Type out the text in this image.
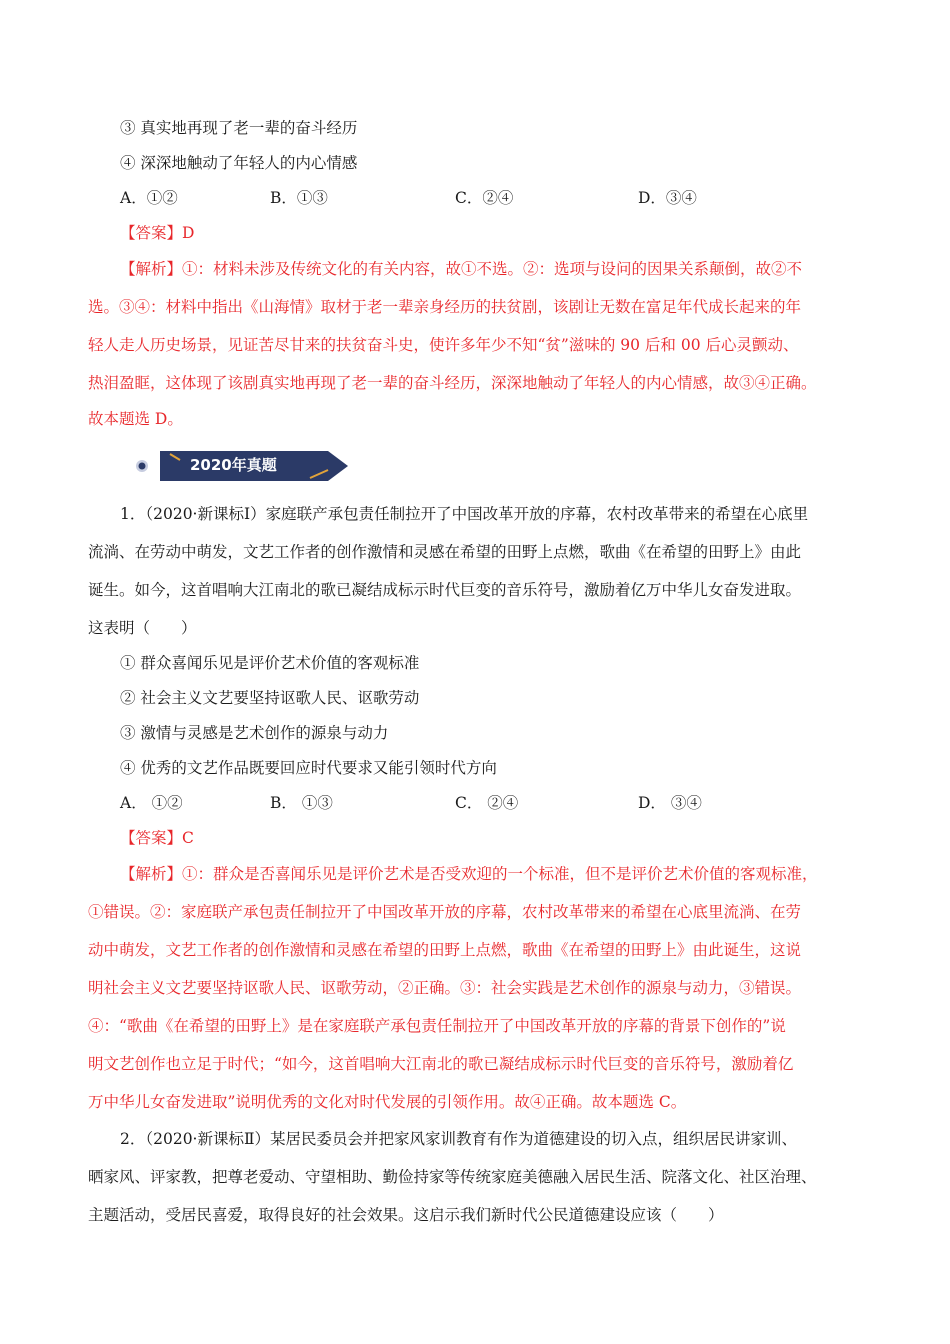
③ 真实地再现了老一辈的奋斗经历
④ 深深地触动了年轻人的内心情感
A．①②	B．①③	C．②④	D．③④
【答案】D
【解析】①：材料未涉及传统文化的有关内容，故①不选。②：选项与设问的因果关系颠倒，故②不
选。③④：材料中指出《山海情》取材于老一辈亲身经历的扶贫剧，该剧让无数在富足年代成长起来的年
轻人走人历史场景，见证苦尽甘来的扶贫奋斗史，使许多年少不知“贫”滋味的 90 后和 00 后心灵颤动、
热泪盈眶，这体现了该剧真实地再现了老一辈的奋斗经历，深深地触动了年轻人的内心情感，故③④正确。
故本题选 D。
2020年真题
1．（2020·新课标Ⅰ）家庭联产承包责任制拉开了中国改革开放的序幕，农村改革带来的希望在心底里
流淌、在劳动中萌发，文艺工作者的创作激情和灵感在希望的田野上点燃，歌曲《在希望的田野上》由此
诞生。如今，这首唱响大江南北的歌已凝结成标示时代巨变的音乐符号，激励着亿万中华儿女奋发进取。
这表明（　　）
① 群众喜闻乐见是评价艺术价值的客观标准
② 社会主义文艺要坚持讴歌人民、讴歌劳动
③ 激情与灵感是艺术创作的源泉与动力
④ 优秀的文艺作品既要回应时代要求又能引领时代方向
A． ①②	B． ①③	C． ②④	D． ③④
【答案】C
【解析】①：群众是否喜闻乐见是评价艺术是否受欢迎的一个标准，但不是评价艺术价值的客观标准，
①错误。②：家庭联产承包责任制拉开了中国改革开放的序幕，农村改革带来的希望在心底里流淌、在劳
动中萌发，文艺工作者的创作激情和灵感在希望的田野上点燃，歌曲《在希望的田野上》由此诞生，这说
明社会主义文艺要坚持讴歌人民、讴歌劳动，②正确。③：社会实践是艺术创作的源泉与动力，③错误。
④：“歌曲《在希望的田野上》是在家庭联产承包责任制拉开了中国改革开放的序幕的背景下创作的”说
明文艺创作也立足于时代；“如今，这首唱响大江南北的歌已凝结成标示时代巨变的音乐符号，激励着亿
万中华儿女奋发进取”说明优秀的文化对时代发展的引领作用。故④正确。故本题选 C。
2．（2020·新课标Ⅱ）某居民委员会并把家风家训教育有作为道德建设的切入点，组织居民讲家训、
晒家风、评家教，把尊老爱动、守望相助、勤俭持家等传统家庭美德融入居民生活、院落文化、社区治理、
主题活动，受居民喜爱，取得良好的社会效果。这启示我们新时代公民道德建设应该（　　）
